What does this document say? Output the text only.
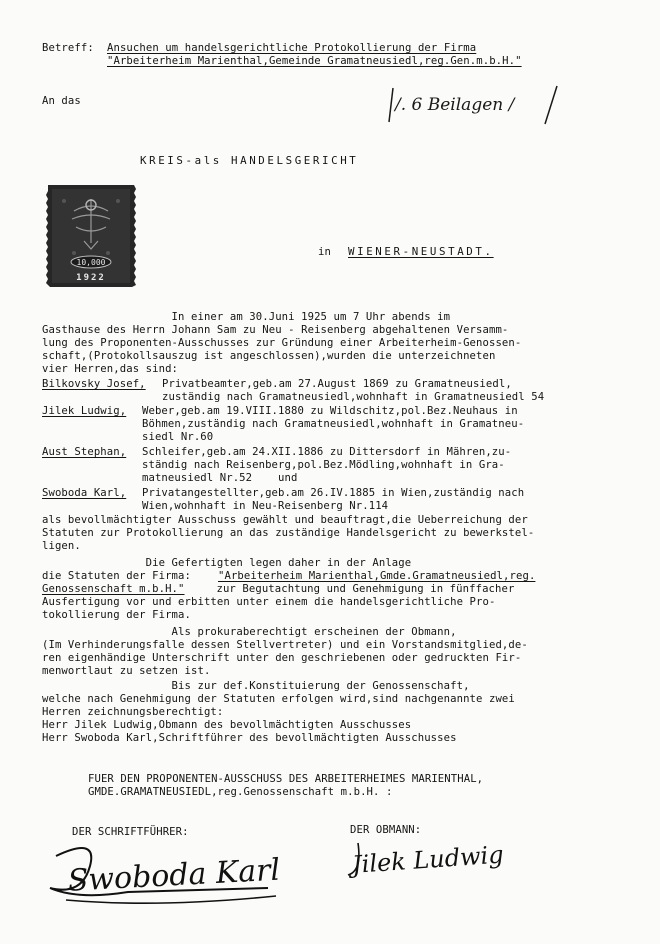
Betreff: Ansuchen um handelsgerichtliche Protokollierung der Firma
"Arbeiterheim Marienthal,Gemeinde Gramatneusiedl,reg.Gen.m.b.H."
An das	/. 6 Beilagen /
KREIS-als HANDELSGERICHT
10,000
1922
in WIENER-NEUSTADT.
In einer am 30.Juni 1925 um 7 Uhr abends im
Gasthause des Herrn Johann Sam zu Neu - Reisenberg abgehaltenen Versamm-
lung des Proponenten-Ausschusses zur Gründung einer Arbeiterheim-Genossen-
schaft,(Protokollsauszug ist angeschlossen),wurden die unterzeichneten
vier Herren,das sind:
Bilkovsky Josef, Privatbeamter,geb.am 27.August 1869 zu Gramatneusiedl,
zuständig nach Gramatneusiedl,wohnhaft in Gramatneusiedl 54
Jilek Ludwig, Weber,geb.am 19.VIII.1880 zu Wildschitz,pol.Bez.Neuhaus in
Böhmen,zuständig nach Gramatneusiedl,wohnhaft in Gramatneu-
siedl Nr.60
Aust Stephan, Schleifer,geb.am 24.XII.1886 zu Dittersdorf in Mähren,zu-
ständig nach Reisenberg,pol.Bez.Mödling,wohnhaft in Gra-
matneusiedl Nr.52    und
Swoboda Karl, Privatangestellter,geb.am 26.IV.1885 in Wien,zuständig nach
Wien,wohnhaft in Neu-Reisenberg Nr.114
als bevollmächtigter Ausschuss gewählt und beauftragt,die Ueberreichung der
Statuten zur Protokollierung an das zuständige Handelsgericht zu bewerkstel-
ligen.
Die Gefertigten legen daher in der Anlage
die Statuten der Firma:	"Arbeiterheim Marienthal,Gmde.Gramatneusiedl,reg.
Genossenschaft m.b.H." zur Begutachtung und Genehmigung in fünffacher
Ausfertigung vor und erbitten unter einem die handelsgerichtliche Pro-
tokollierung der Firma.
Als prokuraberechtigt erscheinen der Obmann,
(Im Verhinderungsfalle dessen Stellvertreter) und ein Vorstandsmitglied,de-
ren eigenhändige Unterschrift unter den geschriebenen oder gedruckten Fir-
menwortlaut zu setzen ist.
Bis zur def.Konstituierung der Genossenschaft,
welche nach Genehmigung der Statuten erfolgen wird,sind nachgenannte zwei
Herren zeichnungsberechtigt:
Herr Jilek Ludwig,Obmann des bevollmächtigten Ausschusses
Herr Swoboda Karl,Schriftführer des bevollmächtigten Ausschusses
FUER DEN PROPONENTEN-AUSSCHUSS DES ARBEITERHEIMES MARIENTHAL,
GMDE.GRAMATNEUSIEDL,reg.Genossenschaft m.b.H. :
DER SCHRIFTFÜHRER:	DER OBMANN:
Swoboda Karl	Jilek Ludwig
